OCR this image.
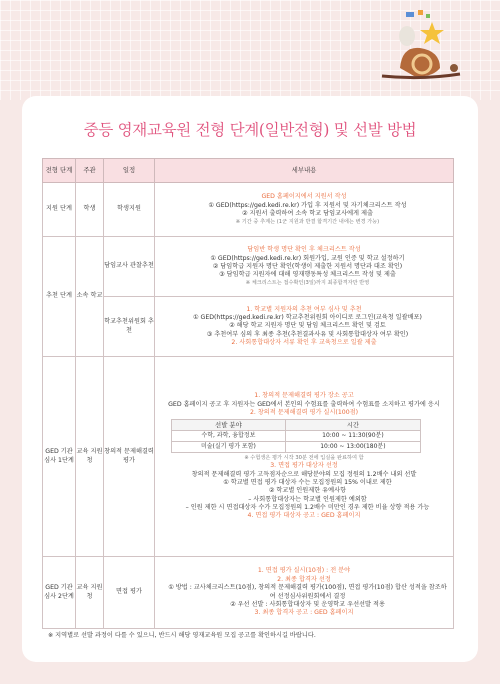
중등 영재교육원 전형 단계(일반전형) 및 선발 방법
전형 단계	주관	일정	세부내용
지원 단계	학생	학생지원	
GED 홈페이지에서 지원서 작성
① GED(https://ged.kedi.re.kr) 가입 후 지원서 및 자기체크리스트 작성
② 지원서 출력하여 소속 학교 담임교사에게 제출
※ 기간 중 추계는 (1군 지원과 반결 합격기간 내에는 변경 가능)

추천 단계	소속 학교	담임교사 관찰추천	
담임반 학생 명단 확인 후 체크리스트 작성
① GED(https://ged.kedi.re.kr) 회원가입, 교원 인증 및 학교 설정하기
② 담임학급 지원자 명단 확인(학생이 제출한 지원서 명단과 대조 확인)
③ 담임학급 지원자에 대해 영재행동특성 체크리스트 작성 및 제출
※ 체크리스트는 접수확인(3일)까지 최종합격자만 반영

학교추천위원회 추천	
1. 학교별 지원자의 추천 여부 심사 및 추천
① GED(https://ged.kedi.re.kr) 학교추천위원회 아이디로 로그인(교육청 일괄배포)
② 해당 학교 지원자 명단 및 담임 체크리스트 확인 및 검토
③ 추천여부 심의 후 최종 추천(추천결과사유 및 사회통합대상자 여부 확인)
2. 사회통합대상자 서류 확인 후 교육청으로 일괄 제출

GED 기관 심사 1단계	교육 지원청	창의적 문제해결력 평가	
1. 창의적 문제해결력 평가 장소 공고
GED 홈페이지 공고 후 지원자는 GED에서 본인의 수험표를 출력하여 수험표를 소지하고 평가에 응시
2. 창의적 문제해결력 평가 실시(100점)
선발 분야	시간
수학, 과학, 융합정보	10:00 ~ 11:30(90분)
미술(실기 평가 포함)	10:00 ~ 13:00(180분)
※ 수험생은 평가 시작 30분 전에 입실을 완료하여 함
3. 면접 평가 대상자 선정
창의적 문제해결력 평가 고득점자순으로 해당분야의 모집 정원의 1.2배수 내외 선발
① 학교별 면접 평가 대상자 수는 모집정원의 15% 이내로 제한
② 학교별 인원제한 유예사항
– 사회통합대상자는 학교별 인원제한 예외함
– 인원 제한 시 면접대상자 수가 모집정원의 1.2배수 미만인 경우 제한 비율 상향 적용 가능
4. 면접 평가 대상자 공고 : GED 홈페이지

GED 기관 심사 2단계	교육 지원청	면접 평가	
1. 면접 평가 실시(10점) : 전 분야
2. 최종 합격자 선정
① 방법 : 교사체크리스트(10점), 창의적 문제해결력 평가(100점), 면접 평가(10점) 합산 성적을 참조하여 선정심사위원회에서 결정
② 우선 선발 : 사회통합대상자 및 운영학교 우선선발 적용
3. 최종 합격자 공고 : GED 홈페이지
※ 지역별로 선발 과정이 다를 수 있으니, 반드시 해당 영재교육원 모집 공고를 확인하시길 바랍니다.
